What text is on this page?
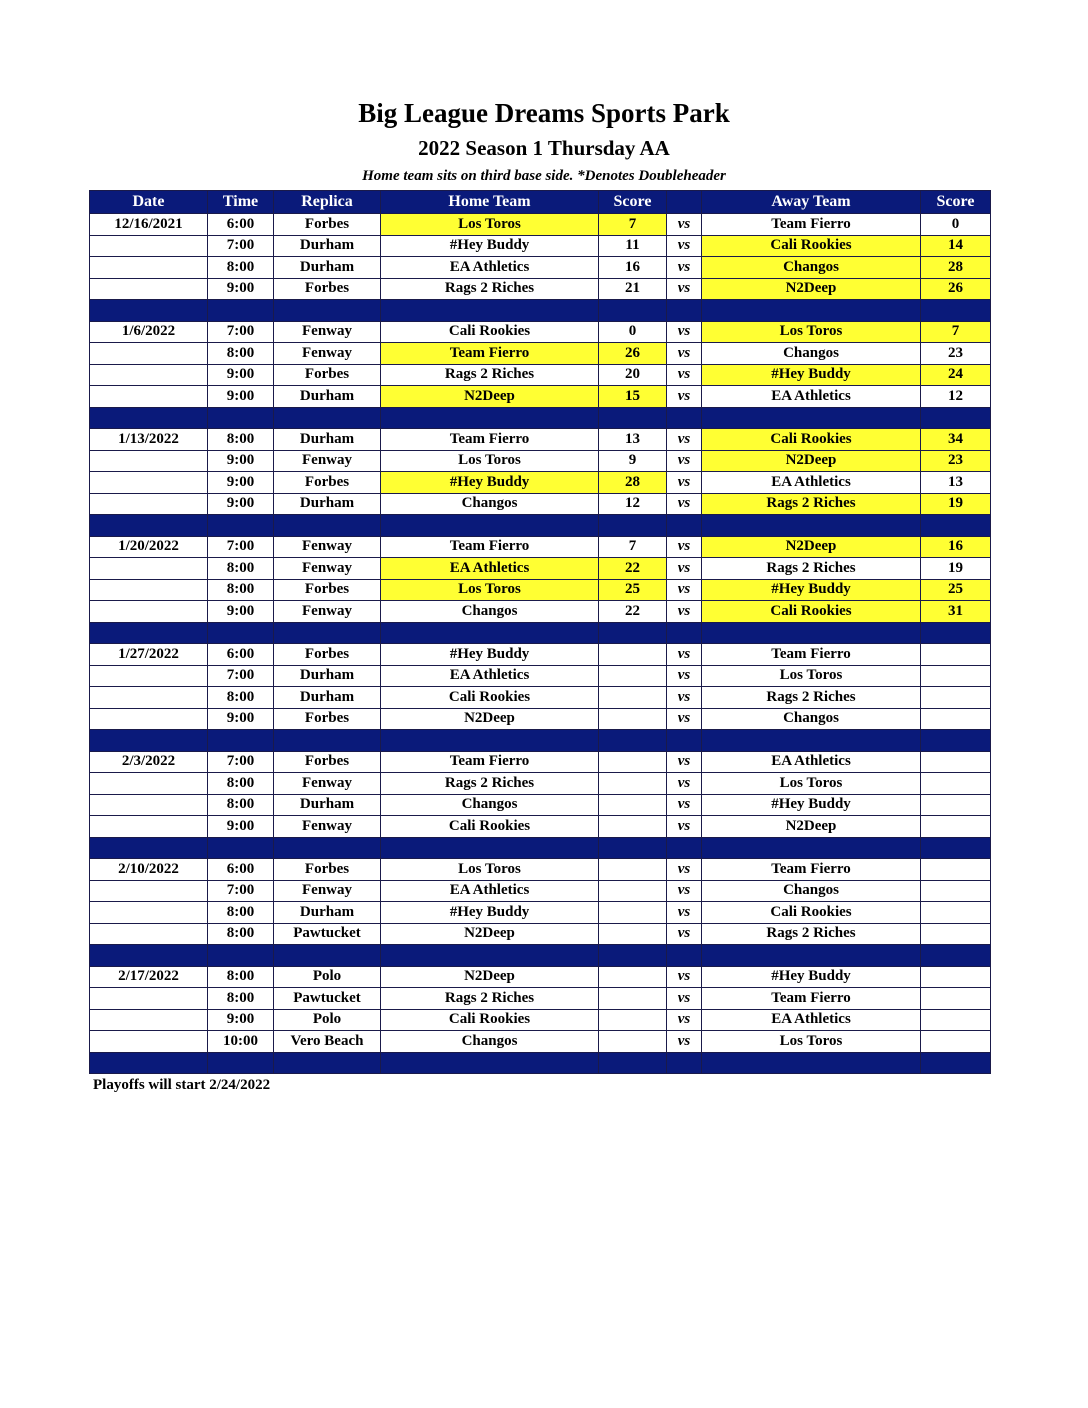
Big League Dreams Sports Park
2022 Season 1 Thursday AA
Home team sits on third base side. *Denotes Doubleheader
Date	Time	Replica	Home Team	Score		Away Team	Score
12/16/2021	6:00	Forbes	Los Toros	7	vs	Team Fierro	0
	7:00	Durham	#Hey Buddy	11	vs	Cali Rookies	14
	8:00	Durham	EA Athletics	16	vs	Changos	28
	9:00	Forbes	Rags 2 Riches	21	vs	N2Deep	26

1/6/2022	7:00	Fenway	Cali Rookies	0	vs	Los Toros	7
	8:00	Fenway	Team Fierro	26	vs	Changos	23
	9:00	Forbes	Rags 2 Riches	20	vs	#Hey Buddy	24
	9:00	Durham	N2Deep	15	vs	EA Athletics	12

1/13/2022	8:00	Durham	Team Fierro	13	vs	Cali Rookies	34
	9:00	Fenway	Los Toros	9	vs	N2Deep	23
	9:00	Forbes	#Hey Buddy	28	vs	EA Athletics	13
	9:00	Durham	Changos	12	vs	Rags 2 Riches	19

1/20/2022	7:00	Fenway	Team Fierro	7	vs	N2Deep	16
	8:00	Fenway	EA Athletics	22	vs	Rags 2 Riches	19
	8:00	Forbes	Los Toros	25	vs	#Hey Buddy	25
	9:00	Fenway	Changos	22	vs	Cali Rookies	31

1/27/2022	6:00	Forbes	#Hey Buddy		vs	Team Fierro	
	7:00	Durham	EA Athletics		vs	Los Toros	
	8:00	Durham	Cali Rookies		vs	Rags 2 Riches	
	9:00	Forbes	N2Deep		vs	Changos	

2/3/2022	7:00	Forbes	Team Fierro		vs	EA Athletics	
	8:00	Fenway	Rags 2 Riches		vs	Los Toros	
	8:00	Durham	Changos		vs	#Hey Buddy	
	9:00	Fenway	Cali Rookies		vs	N2Deep	

2/10/2022	6:00	Forbes	Los Toros		vs	Team Fierro	
	7:00	Fenway	EA Athletics		vs	Changos	
	8:00	Durham	#Hey Buddy		vs	Cali Rookies	
	8:00	Pawtucket	N2Deep		vs	Rags 2 Riches	

2/17/2022	8:00	Polo	N2Deep		vs	#Hey Buddy	
	8:00	Pawtucket	Rags 2 Riches		vs	Team Fierro	
	9:00	Polo	Cali Rookies		vs	EA Athletics	
	10:00	Vero Beach	Changos		vs	Los Toros	

Playoffs will start 2/24/2022
